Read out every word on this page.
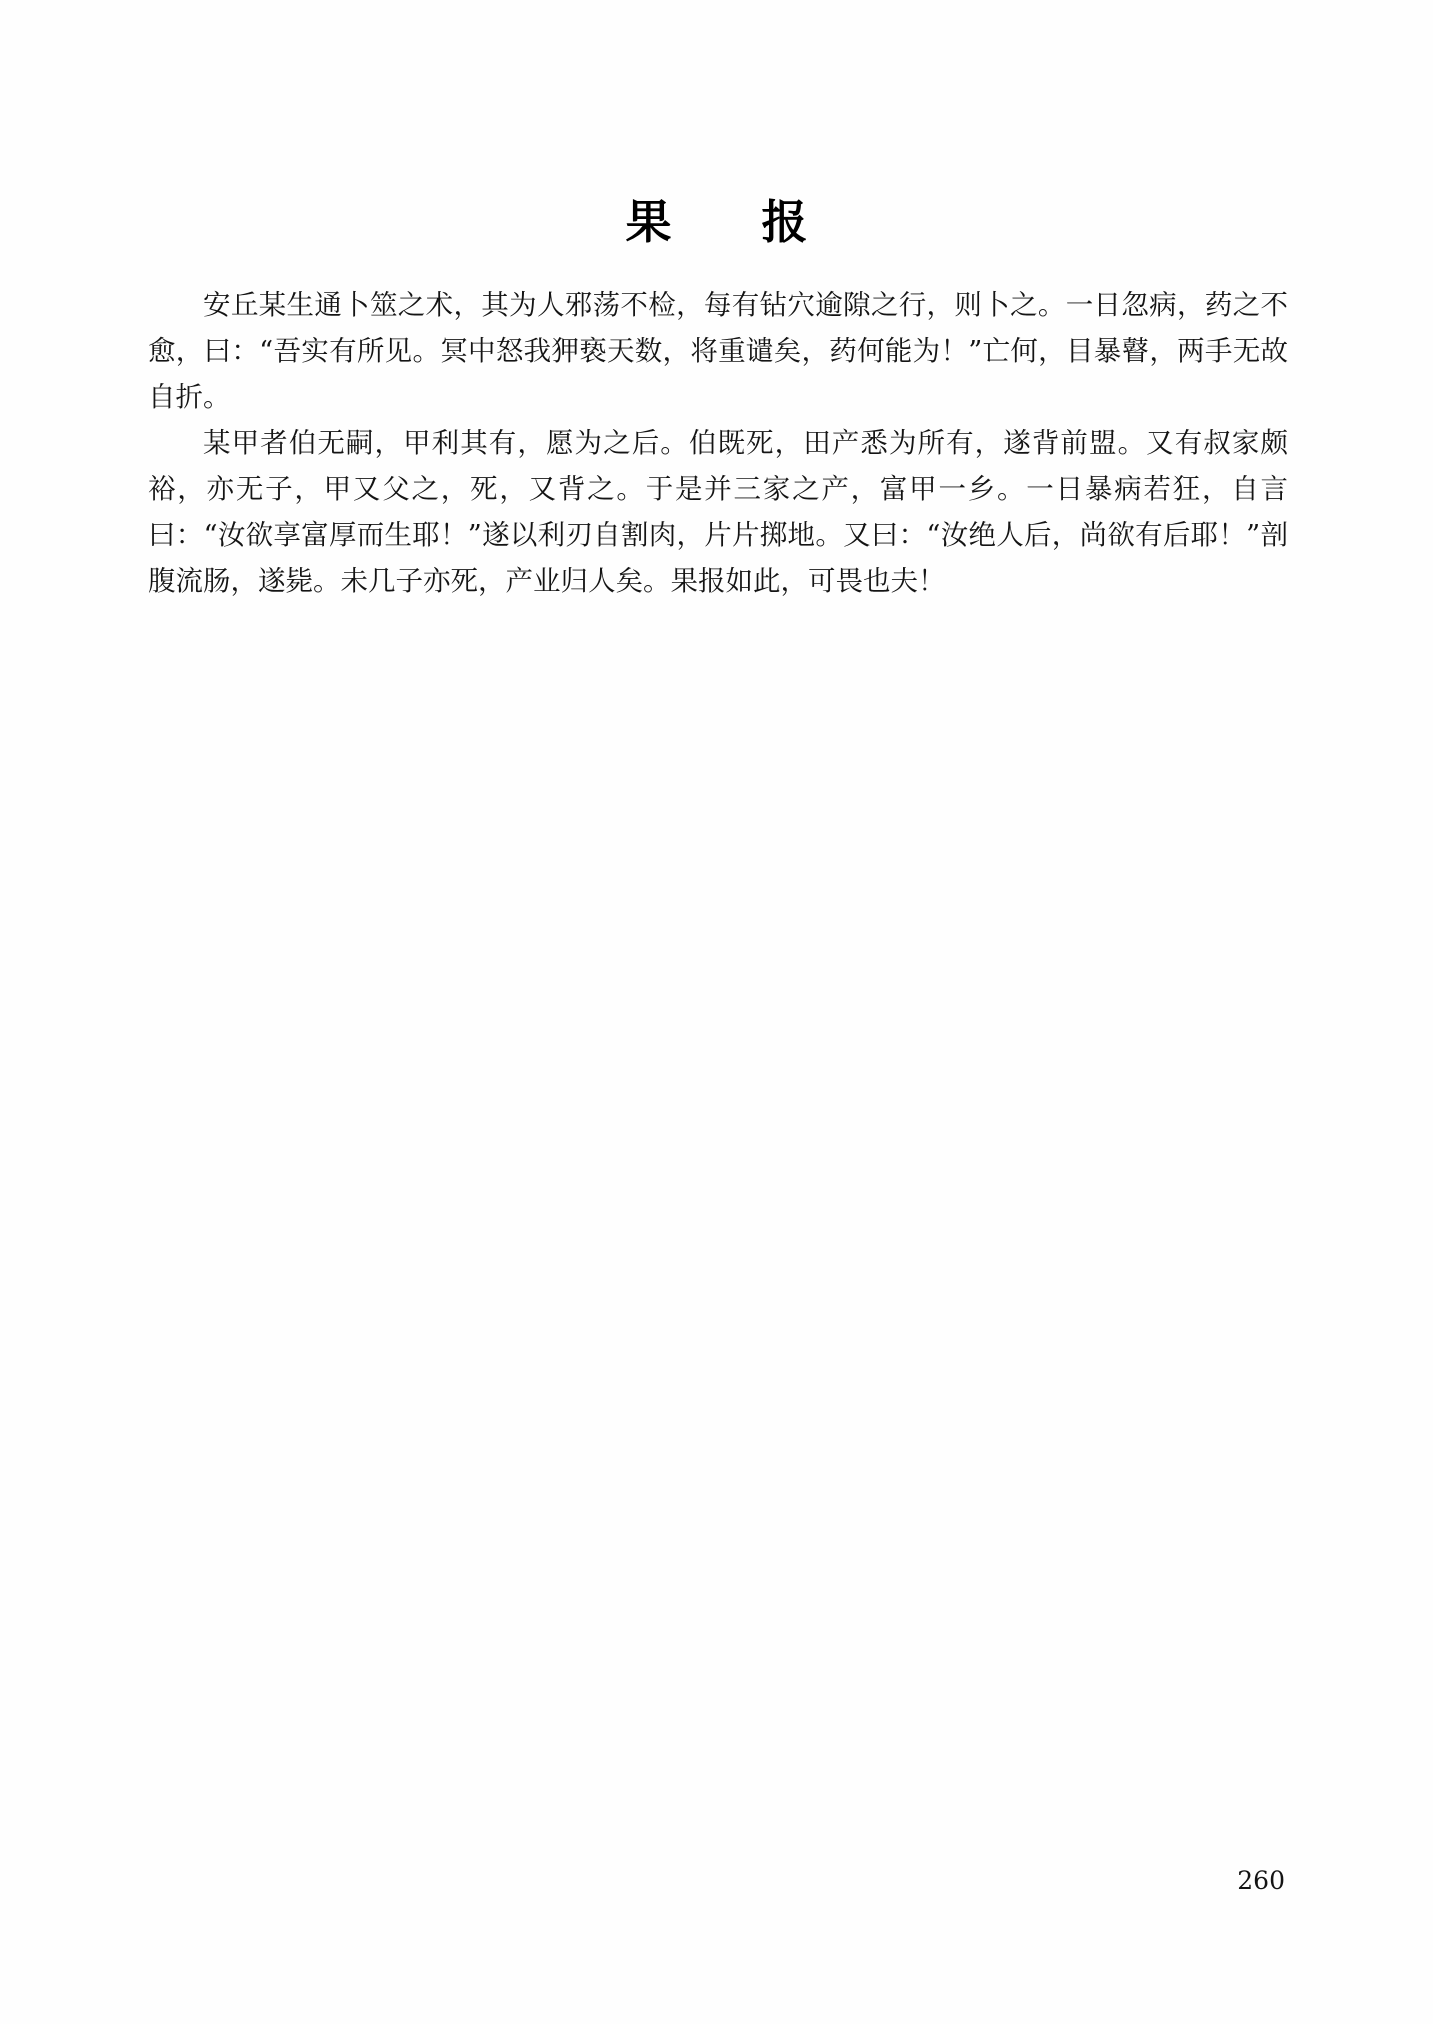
果　报

安丘某生通卜筮之术，其为人邪荡不检，每有钻穴逾隙之行，则卜之。一日忽病，药之不愈，曰：“吾实有所见。冥中怒我狎亵天数，将重谴矣，药何能为！”亡何，目暴瞽，两手无故自折。

某甲者伯无嗣，甲利其有，愿为之后。伯既死，田产悉为所有，遂背前盟。又有叔家颇裕，亦无子，甲又父之，死，又背之。于是并三家之产，富甲一乡。一日暴病若狂，自言曰：“汝欲享富厚而生耶！”遂以利刃自割肉，片片掷地。又曰：“汝绝人后，尚欲有后耶！”剖腹流肠，遂毙。未几子亦死，产业归人矣。果报如此，可畏也夫！

260
